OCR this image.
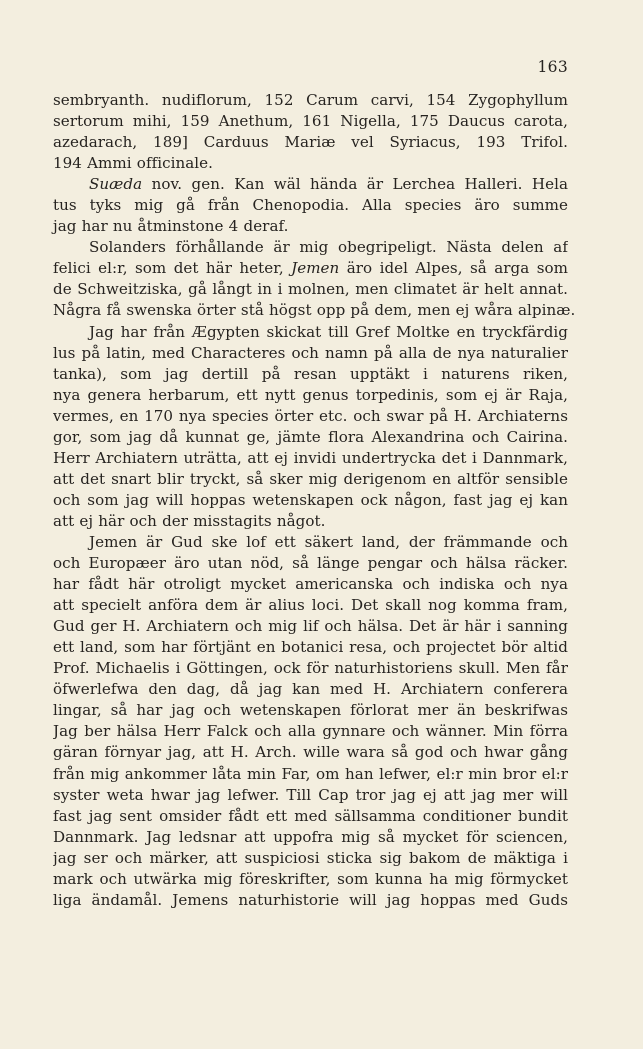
163
sembryanth. nudiflorum, 152 Carum carvi, 154 Zygophyllum
sertorum mihi, 159 Anethum, 161 Nigella, 175 Daucus carota,
azedarach, 189] Carduus Mariæ vel Syriacus, 193 Trifol.
194 Ammi officinale.
Suæda nov. gen. Kan wäl hända är Lerchea Halleri. Hela
tus tyks mig gå från Chenopodia. Alla species äro summe
jag har nu åtminstone 4 deraf.
Solanders förhållande är mig obegripeligt. Nästa delen af
felici el:r, som det här heter, Jemen äro idel Alpes, så arga som
de Schweitziska, gå långt in i molnen, men climatet är helt annat.
Några få swenska örter stå högst opp på dem, men ej wåra alpinæ.
Jag har från Ægypten skickat till Gref Moltke en tryckfärdig
lus på latin, med Characteres och namn på alla de nya naturalier
tanka), som jag dertill på resan upptäkt i naturens riken,
nya genera herbarum, ett nytt genus torpedinis, som ej är Raja,
vermes, en 170 nya species örter etc. och swar på H. Archiaterns
gor, som jag då kunnat ge, jämte flora Alexandrina och Cairina.
Herr Archiatern uträtta, att ej invidi undertrycka det i Dannmark,
att det snart blir tryckt, så sker mig derigenom en altför sensible
och som jag will hoppas wetenskapen ock någon, fast jag ej kan
att ej här och der misstagits något.
Jemen är Gud ske lof ett säkert land, der främmande och
och Europæer äro utan nöd, så länge pengar och hälsa räcker.
har fådt här otroligt mycket americanska och indiska och nya
att specielt anföra dem är alius loci. Det skall nog komma fram,
Gud ger H. Archiatern och mig lif och hälsa. Det är här i sanning
ett land, som har förtjänt en botanici resa, och projectet bör altid
Prof. Michaelis i Göttingen, ock för naturhistoriens skull. Men får
öfwerlefwa den dag, då jag kan med H. Archiatern conferera
lingar, så har jag och wetenskapen förlorat mer än beskrifwas
Jag ber hälsa Herr Falck och alla gynnare och wänner. Min förra
gäran förnyar jag, att H. Arch. wille wara så god och hwar gång
från mig ankommer låta min Far, om han lefwer, el:r min bror el:r
syster weta hwar jag lefwer. Till Cap tror jag ej att jag mer will
fast jag sent omsider fådt ett med sällsamma conditioner bundit
Dannmark. Jag ledsnar att uppofra mig så mycket för sciencen,
jag ser och märker, att suspiciosi sticka sig bakom de mäktiga i
mark och utwärka mig föreskrifter, som kunna ha mig förmycket
liga ändamål. Jemens naturhistorie will jag hoppas med Guds
